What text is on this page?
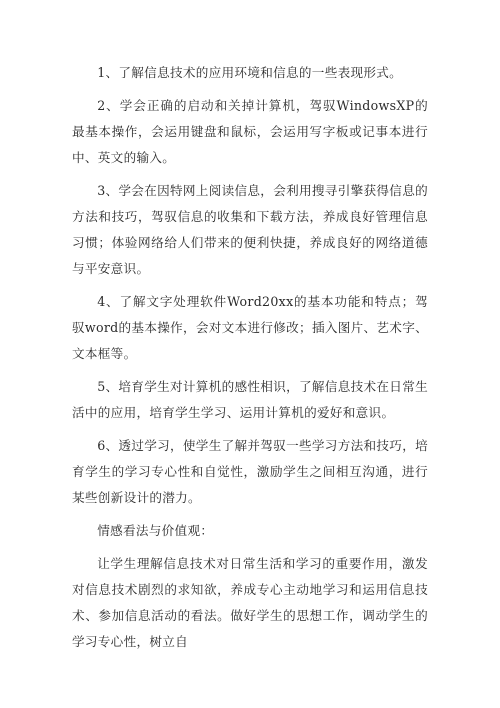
1、了解信息技术的应用环境和信息的一些表现形式。

2、学会正确的启动和关掉计算机，驾驭WindowsXP的最基本操作，会运用键盘和鼠标，会运用写字板或记事本进行中、英文的输入。

3、学会在因特网上阅读信息，会利用搜寻引擎获得信息的方法和技巧，驾驭信息的收集和下载方法，养成良好管理信息习惯；体验网络给人们带来的便利快捷，养成良好的网络道德与平安意识。

4、了解文字处理软件Word20xx的基本功能和特点；驾驭word的基本操作，会对文本进行修改；插入图片、艺术字、文本框等。

5、培育学生对计算机的感性相识，了解信息技术在日常生活中的应用，培育学生学习、运用计算机的爱好和意识。

6、透过学习，使学生了解并驾驭一些学习方法和技巧，培育学生的学习专心性和自觉性，激励学生之间相互沟通，进行某些创新设计的潜力。

情感看法与价值观：

让学生理解信息技术对日常生活和学习的重要作用，激发对信息技术剧烈的求知欲，养成专心主动地学习和运用信息技术、参加信息活动的看法。做好学生的思想工作，调动学生的学习专心性，树立自
